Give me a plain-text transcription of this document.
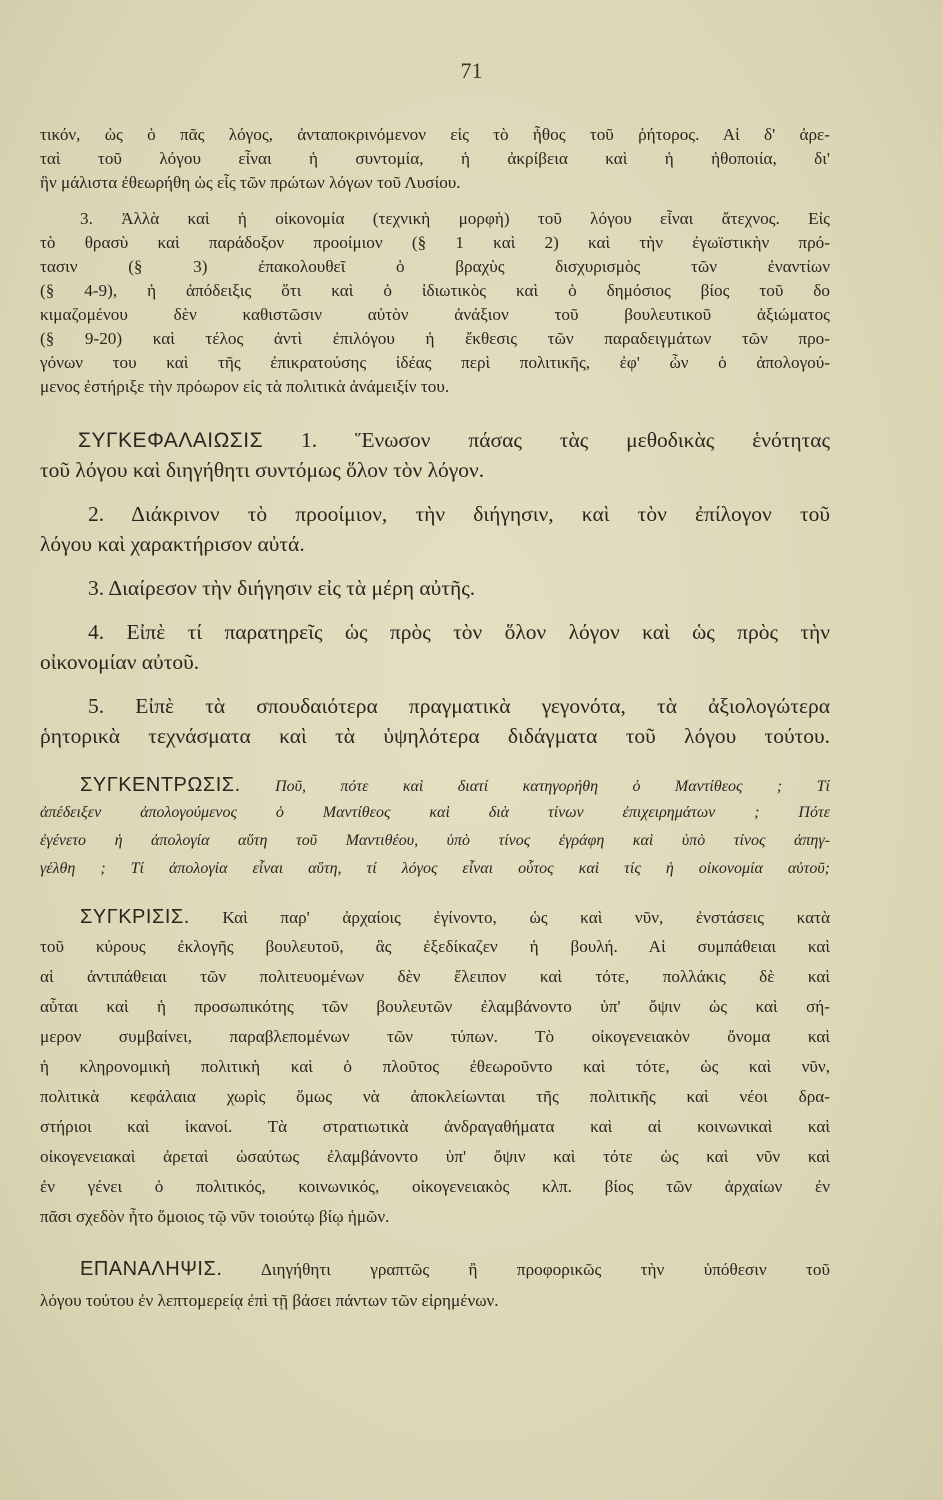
71
τικόν, ὡς ὁ πᾶς λόγος, ἀνταποκρινόμενον εἰς τὸ ἦθος τοῦ ῥήτορος. Αἱ δ' ἀρε-
ταὶ τοῦ λόγου εἶναι ἡ συντομία, ἡ ἀκρίβεια καὶ ἡ ἠθοποιία, δι'
ἣν μάλιστα ἐθεωρήθη ὡς εἷς τῶν πρώτων λόγων τοῦ Λυσίου.
3. Ἀλλὰ καὶ ἡ οἰκονομία (τεχνικὴ μορφὴ) τοῦ λόγου εἶναι ἄτεχνος. Εἰς
τὸ θρασὺ καὶ παράδοξον προοίμιον (§ 1 καὶ 2) καὶ τὴν ἐγωϊστικὴν πρό-
τασιν (§ 3) ἐπακολουθεῖ ὁ βραχὺς δισχυρισμὸς τῶν ἐναντίων
(§ 4-9), ἡ ἀπόδειξις ὅτι καὶ ὁ ἰδιωτικὸς καὶ ὁ δημόσιος βίος τοῦ δο
κιμαζομένου δὲν καθιστῶσιν αὐτὸν ἀνάξιον τοῦ βουλευτικοῦ ἀξιώματος
(§ 9-20) καὶ τέλος ἀντὶ ἐπιλόγου ἡ ἔκθεσις τῶν παραδειγμάτων τῶν προ-
γόνων του καὶ τῆς ἐπικρατούσης ἰδέας περὶ πολιτικῆς, ἐφ' ὧν ὁ ἀπολογού-
μενος ἐστήριξε τὴν πρόωρον εἰς τὰ πολιτικὰ ἀνάμειξίν του.
ΣΥΓΚΕΦΑΛΑΙΩΣΙΣ 1. Ἕνωσον πάσας τὰς μεθοδικὰς ἑνότητας
τοῦ λόγου καὶ διηγήθητι συντόμως ὅλον τὸν λόγον.
2. Διάκρινον τὸ προοίμιον, τὴν διήγησιν, καὶ τὸν ἐπίλογον τοῦ
λόγου καὶ χαρακτήρισον αὐτά.
3. Διαίρεσον τὴν διήγησιν εἰς τὰ μέρη αὐτῆς.
4. Εἰπὲ τί παρατηρεῖς ὡς πρὸς τὸν ὅλον λόγον καὶ ὡς πρὸς τὴν
οἰκονομίαν αὐτοῦ.
5. Εἰπὲ τὰ σπουδαιότερα πραγματικὰ γεγονότα, τὰ ἀξιολογώτερα
ῥητορικὰ τεχνάσματα καὶ τὰ ὑψηλότερα διδάγματα τοῦ λόγου τούτου.
ΣΥΓΚΕΝΤΡΩΣΙΣ. Ποῦ, πότε καὶ διατί κατηγορήθη ὁ Μαντίθεος ; Τί
ἀπέδειξεν ἀπολογούμενος ὁ Μαντίθεος καὶ διὰ τίνων ἐπιχειρημάτων ; Πότε
ἐγένετο ἡ ἀπολογία αὕτη τοῦ Μαντιθέου, ὑπὸ τίνος ἐγράφη καὶ ὑπὸ τίνος ἀπηγ-
γέλθη ; Τί ἀπολογία εἶναι αὕτη, τί λόγος εἶναι οὗτος καὶ τίς ἡ οἰκονομία αὐτοῦ;
ΣΥΓΚΡΙΣΙΣ. Καὶ παρ' ἀρχαίοις ἐγίνοντο, ὡς καὶ νῦν, ἐνστάσεις κατὰ
τοῦ κύρους ἐκλογῆς βουλευτοῦ, ἃς ἐξεδίκαζεν ἡ βουλή. Αἱ συμπάθειαι καὶ
αἱ ἀντιπάθειαι τῶν πολιτευομένων δὲν ἔλειπον καὶ τότε, πολλάκις δὲ καὶ
αὗται καὶ ἡ προσωπικότης τῶν βουλευτῶν ἐλαμβάνοντο ὑπ' ὄψιν ὡς καὶ σή-
μερον συμβαίνει, παραβλεπομένων τῶν τύπων. Τὸ οἰκογενειακὸν ὄνομα καὶ
ἡ κληρονομικὴ πολιτικὴ καὶ ὁ πλοῦτος ἐθεωροῦντο καὶ τότε, ὡς καὶ νῦν,
πολιτικὰ κεφάλαια χωρὶς ὅμως νὰ ἀποκλείωνται τῆς πολιτικῆς καὶ νέοι δρα-
στήριοι καὶ ἱκανοί. Τὰ στρατιωτικὰ ἀνδραγαθήματα καὶ αἱ κοινωνικαὶ καὶ
οἰκογενειακαὶ ἀρεταὶ ὡσαύτως ἐλαμβάνοντο ὑπ' ὄψιν καὶ τότε ὡς καὶ νῦν καὶ
ἐν γένει ὁ πολιτικός, κοινωνικός, οἰκογενειακὸς κλπ. βίος τῶν ἀρχαίων ἐν
πᾶσι σχεδὸν ἦτο ὅμοιος τῷ νῦν τοιούτῳ βίῳ ἡμῶν.
ΕΠΑΝΑΛΗΨΙΣ. Διηγήθητι γραπτῶς ἢ προφορικῶς τὴν ὑπόθεσιν τοῦ
λόγου τούτου ἐν λεπτομερείᾳ ἐπὶ τῇ βάσει πάντων τῶν εἰρημένων.
